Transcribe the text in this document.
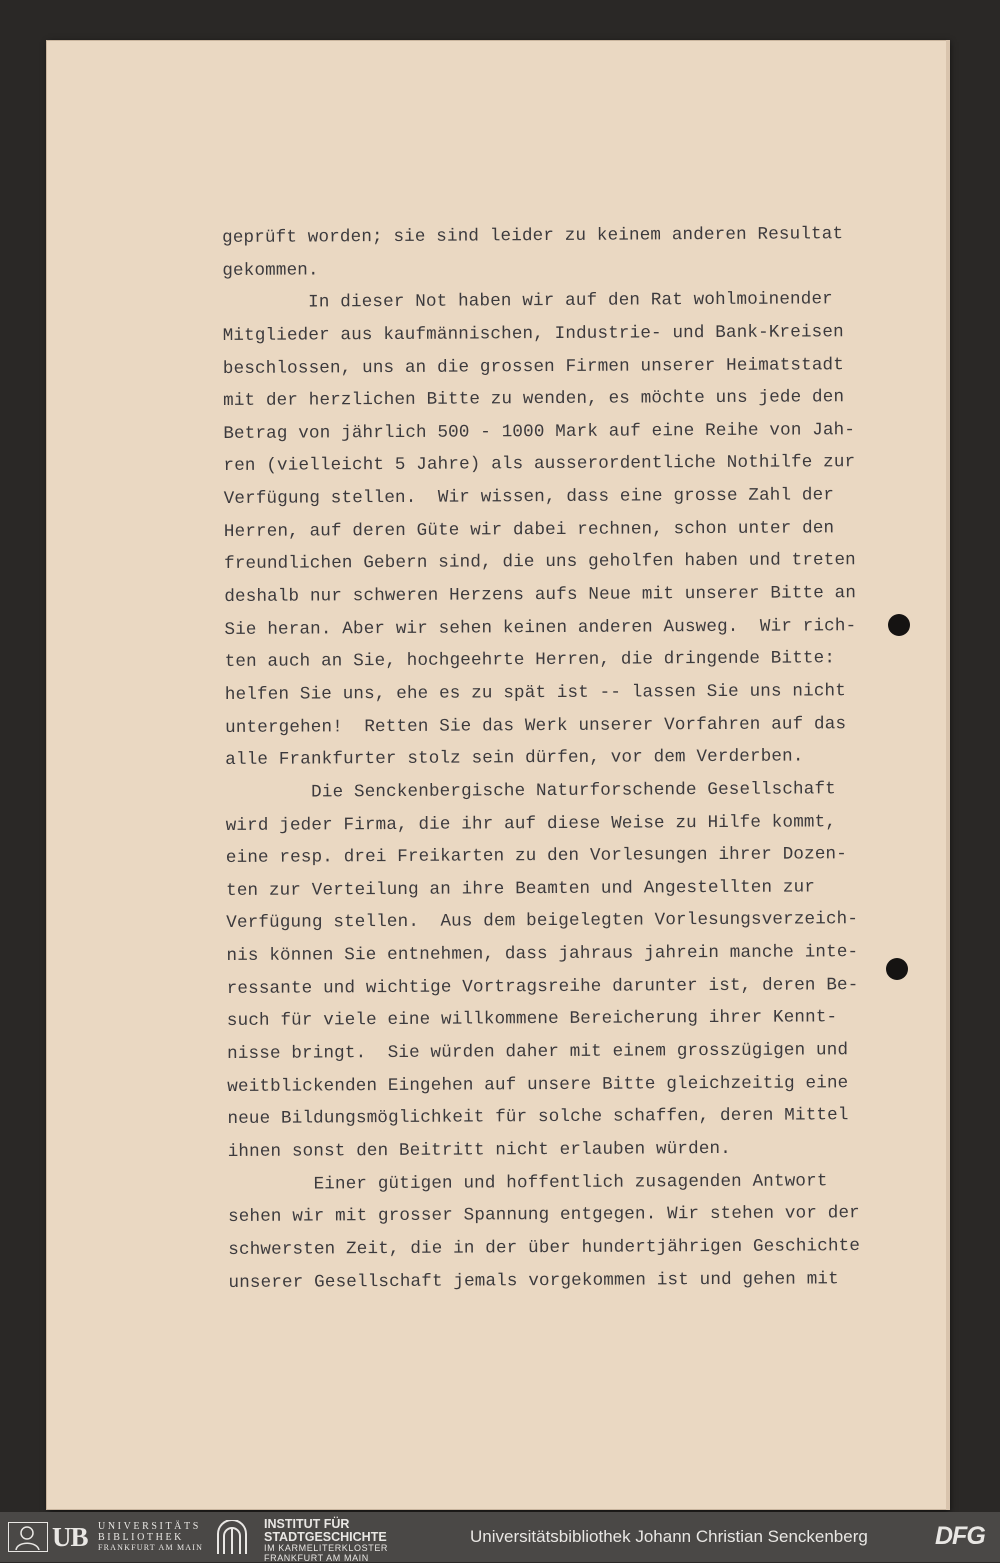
geprüft worden; sie sind leider zu keinem anderen Resultat
gekommen.
In dieser Not haben wir auf den Rat wohlmoinender
Mitglieder aus kaufmännischen, Industrie- und Bank-Kreisen
beschlossen, uns an die grossen Firmen unserer Heimatstadt
mit der herzlichen Bitte zu wenden, es möchte uns jede den
Betrag von jährlich 500 - 1000 Mark auf eine Reihe von Jah-
ren (vielleicht 5 Jahre) als ausserordentliche Nothilfe zur
Verfügung stellen.  Wir wissen, dass eine grosse Zahl der
Herren, auf deren Güte wir dabei rechnen, schon unter den
freundlichen Gebern sind, die uns geholfen haben und treten
deshalb nur schweren Herzens aufs Neue mit unserer Bitte an
Sie heran. Aber wir sehen keinen anderen Ausweg.  Wir rich-
ten auch an Sie, hochgeehrte Herren, die dringende Bitte:
helfen Sie uns, ehe es zu spät ist -- lassen Sie uns nicht
untergehen!  Retten Sie das Werk unserer Vorfahren auf das
alle Frankfurter stolz sein dürfen, vor dem Verderben.
Die Senckenbergische Naturforschende Gesellschaft
wird jeder Firma, die ihr auf diese Weise zu Hilfe kommt,
eine resp. drei Freikarten zu den Vorlesungen ihrer Dozen-
ten zur Verteilung an ihre Beamten und Angestellten zur
Verfügung stellen.  Aus dem beigelegten Vorlesungsverzeich-
nis können Sie entnehmen, dass jahraus jahrein manche inte-
ressante und wichtige Vortragsreihe darunter ist, deren Be-
such für viele eine willkommene Bereicherung ihrer Kennt-
nisse bringt.  Sie würden daher mit einem grosszügigen und
weitblickenden Eingehen auf unsere Bitte gleichzeitig eine
neue Bildungsmöglichkeit für solche schaffen, deren Mittel
ihnen sonst den Beitritt nicht erlauben würden.
Einer gütigen und hoffentlich zusagenden Antwort
sehen wir mit grosser Spannung entgegen. Wir stehen vor der
schwersten Zeit, die in der über hundertjährigen Geschichte
unserer Gesellschaft jemals vorgekommen ist und gehen mit
UB UNIVERSITÄTS
BIBLIOTHEK
FRANKFURT AM MAIN
INSTITUT FÜR
STADTGESCHICHTE
IM KARMELITERKLOSTER
FRANKFURT AM MAIN
Universitätsbibliothek Johann Christian Senckenberg	DFG
